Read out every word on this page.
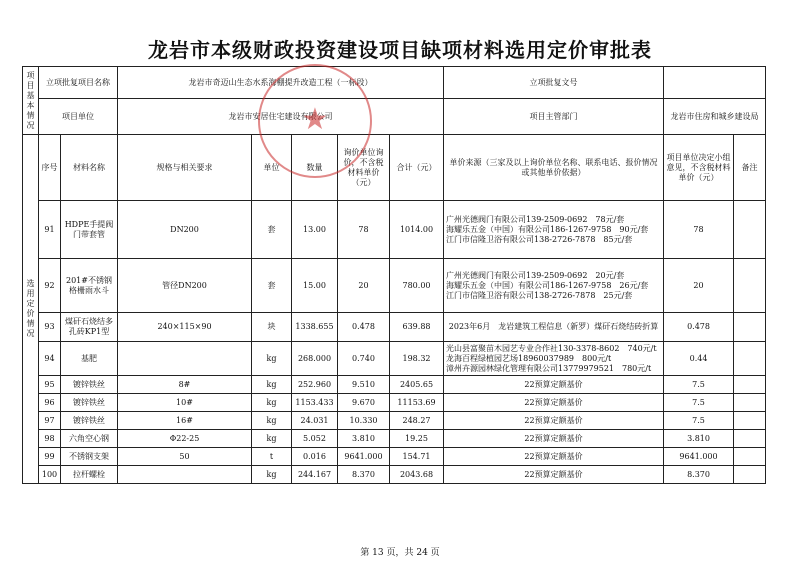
龙岩市本级财政投资建设项目缺项材料选用定价审批表
项目基本情况	立项批复项目名称		龙岩市奇迈山生态水系海棚提升改造工程（一标段）					立项批复文号		
	项目单位		龙岩市安居住宅建设有限公司					项目主管部门	龙岩市住房和城乡建设局	
选用定价情况	序号	材料名称	规格与相关要求	单位	数量	询价单位询价，不含税材料单价（元）	合计（元）	单价来源（三家及以上询价单位名称、联系电话、报价情况或其他单价依据）	项目单位决定小组意见，不含税材料单价（元）	备注
	91	HDPE手提阀门带套管	DN200	套	13.00	78	1014.00	广州光德阀门有限公司139-2509-0692　78元/套
海耀乐五金（中国）有限公司186-1267-9758　90元/套
江门市信隆卫浴有限公司138-2726-7878　85元/套	78	
	92	201#不锈钢格栅雨水斗	管径DN200	套	15.00	20	780.00	广州光德阀门有限公司139-2509-0692　20元/套
海耀乐五金（中国）有限公司186-1267-9758　26元/套
江门市信隆卫浴有限公司138-2726-7878　25元/套	20	
	93	煤矸石烧结多孔砖KP1型	240×115×90	块	1338.655	0.478	639.88	2023年6月　龙岩建筑工程信息（新罗）煤矸石烧结砖折算	0.478	
	94	基肥		kg	268.000	0.740	198.32	光山县富聚苗木园艺专业合作社130-3378-8602　740元/t
龙海百程绿植园艺场18960037989　800元/t
漳州卉源园林绿化管理有限公司13779979521　780元/t	0.44	
	95	镀锌铁丝	8#	kg	252.960	9.510	2405.65	22预算定额基价	7.5	
	96	镀锌铁丝	10#	kg	1153.433	9.670	11153.69	22预算定额基价	7.5	
	97	镀锌铁丝	16#	kg	24.031	10.330	248.27	22预算定额基价	7.5	
	98	六角空心钢	Φ22-25	kg	5.052	3.810	19.25	22预算定额基价	3.810	
	99	不锈钢支架	50	t	0.016	9641.000	154.71	22预算定额基价	9641.000	
	100	拉杆螺栓		kg	244.167	8.370	2043.68	22预算定额基价	8.370	
★
第 13 页，共 24 页
